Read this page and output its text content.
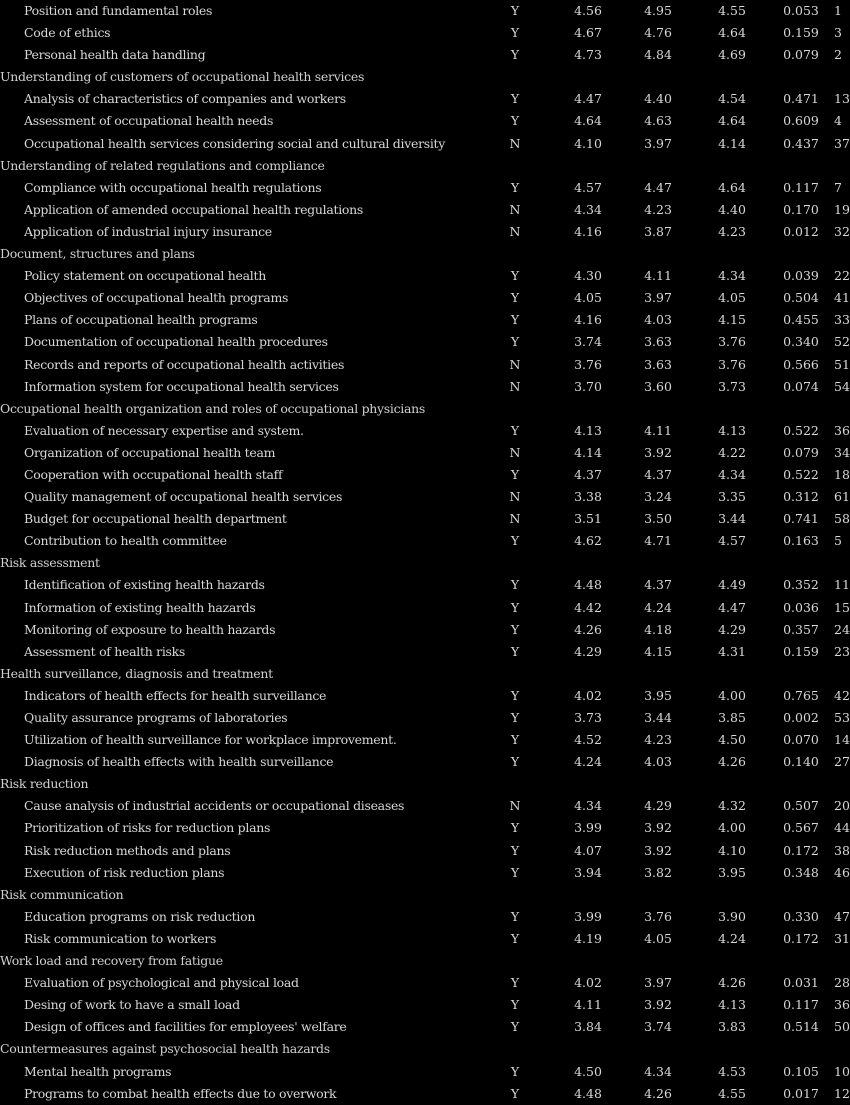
Position and fundamental roles	Y	4.56	4.95	4.55	0.053	1
Code of ethics	Y	4.67	4.76	4.64	0.159	3
Personal health data handling	Y	4.73	4.84	4.69	0.079	2
Understanding of customers of occupational health services
Analysis of characteristics of companies and workers	Y	4.47	4.40	4.54	0.471	13
Assessment of occupational health needs	Y	4.64	4.63	4.64	0.609	4
Occupational health services considering social and cultural diversity	N	4.10	3.97	4.14	0.437	37
Understanding of related regulations and compliance
Compliance with occupational health regulations	Y	4.57	4.47	4.64	0.117	7
Application of amended occupational health regulations	N	4.34	4.23	4.40	0.170	19
Application of industrial injury insurance	N	4.16	3.87	4.23	0.012	32
Document, structures and plans
Policy statement on occupational health	Y	4.30	4.11	4.34	0.039	22
Objectives of occupational health programs	Y	4.05	3.97	4.05	0.504	41
Plans of occupational health programs	Y	4.16	4.03	4.15	0.455	33
Documentation of occupational health procedures	Y	3.74	3.63	3.76	0.340	52
Records and reports of occupational health activities	N	3.76	3.63	3.76	0.566	51
Information system for occupational health services	N	3.70	3.60	3.73	0.074	54
Occupational health organization and roles of occupational physicians
Evaluation of necessary expertise and system.	Y	4.13	4.11	4.13	0.522	36
Organization of occupational health team	N	4.14	3.92	4.22	0.079	34
Cooperation with occupational health staff	Y	4.37	4.37	4.34	0.522	18
Quality management of occupational health services	N	3.38	3.24	3.35	0.312	61
Budget for occupational health department	N	3.51	3.50	3.44	0.741	58
Contribution to health committee	Y	4.62	4.71	4.57	0.163	5
Risk assessment
Identification of existing health hazards	Y	4.48	4.37	4.49	0.352	11
Information of existing health hazards	Y	4.42	4.24	4.47	0.036	15
Monitoring of exposure to health hazards	Y	4.26	4.18	4.29	0.357	24
Assessment of health risks	Y	4.29	4.15	4.31	0.159	23
Health surveillance, diagnosis and treatment
Indicators of health effects for health surveillance	Y	4.02	3.95	4.00	0.765	42
Quality assurance programs of laboratories	Y	3.73	3.44	3.85	0.002	53
Utilization of health surveillance for workplace improvement.	Y	4.52	4.23	4.50	0.070	14
Diagnosis of health effects with health surveillance	Y	4.24	4.03	4.26	0.140	27
Risk reduction
Cause analysis of industrial accidents or occupational diseases	N	4.34	4.29	4.32	0.507	20
Prioritization of risks for reduction plans	Y	3.99	3.92	4.00	0.567	44
Risk reduction methods and plans	Y	4.07	3.92	4.10	0.172	38
Execution of risk reduction plans	Y	3.94	3.82	3.95	0.348	46
Risk communication
Education programs on risk reduction	Y	3.99	3.76	3.90	0.330	47
Risk communication to workers	Y	4.19	4.05	4.24	0.172	31
Work load and recovery from fatigue
Evaluation of psychological and physical load	Y	4.02	3.97	4.26	0.031	28
Desing of work to have a small load	Y	4.11	3.92	4.13	0.117	36
Design of offices and facilities for employees' welfare	Y	3.84	3.74	3.83	0.514	50
Countermeasures against psychosocial health hazards
Mental health programs	Y	4.50	4.34	4.53	0.105	10
Programs to combat health effects due to overwork	Y	4.48	4.26	4.55	0.017	12
